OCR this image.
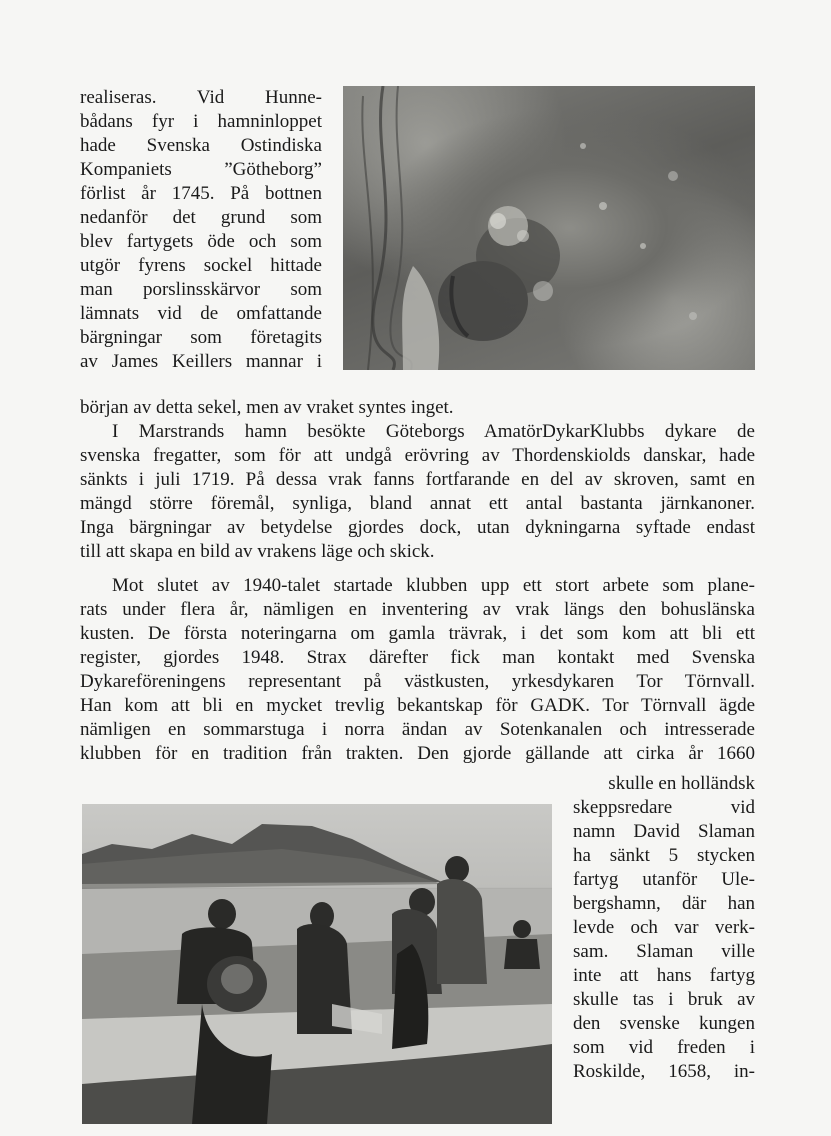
realiseras. Vid Hunne-
bådans fyr i hamninloppet
hade Svenska Ostindiska
Kompaniets ”Götheborg”
förlist år 1745. På bottnen
nedanför det grund som
blev fartygets öde och som
utgör fyrens sockel hittade
man porslinsskärvor som
lämnats vid de omfattande
bärgningar som företagits
av James Keillers mannar i
början av detta sekel, men av vraket syntes inget.
I Marstrands hamn besökte Göteborgs AmatörDykarKlubbs dykare de
svenska fregatter, som för att undgå erövring av Thordenskiolds danskar, hade
sänkts i juli 1719. På dessa vrak fanns fortfarande en del av skroven, samt en
mängd större föremål, synliga, bland annat ett antal bastanta järnkanoner.
Inga bärgningar av betydelse gjordes dock, utan dykningarna syftade endast
till att skapa en bild av vrakens läge och skick.
Mot slutet av 1940-talet startade klubben upp ett stort arbete som plane-
rats under flera år, nämligen en inventering av vrak längs den bohuslänska
kusten. De första noteringarna om gamla trävrak, i det som kom att bli ett
register, gjordes 1948. Strax därefter fick man kontakt med Svenska
Dykareföreningens representant på västkusten, yrkesdykaren Tor Törnvall.
Han kom att bli en mycket trevlig bekantskap för GADK. Tor Törnvall ägde
nämligen en sommarstuga i norra ändan av Sotenkanalen och intresserade
klubben för en tradition från trakten. Den gjorde gällande att cirka år 1660
skulle en holländsk
skeppsredare vid
namn David Slaman
ha sänkt 5 stycken
fartyg utanför Ule-
bergshamn, där han
levde och var verk-
sam. Slaman ville
inte att hans fartyg
skulle tas i bruk av
den svenske kungen
som vid freden i
Roskilde, 1658, in-
